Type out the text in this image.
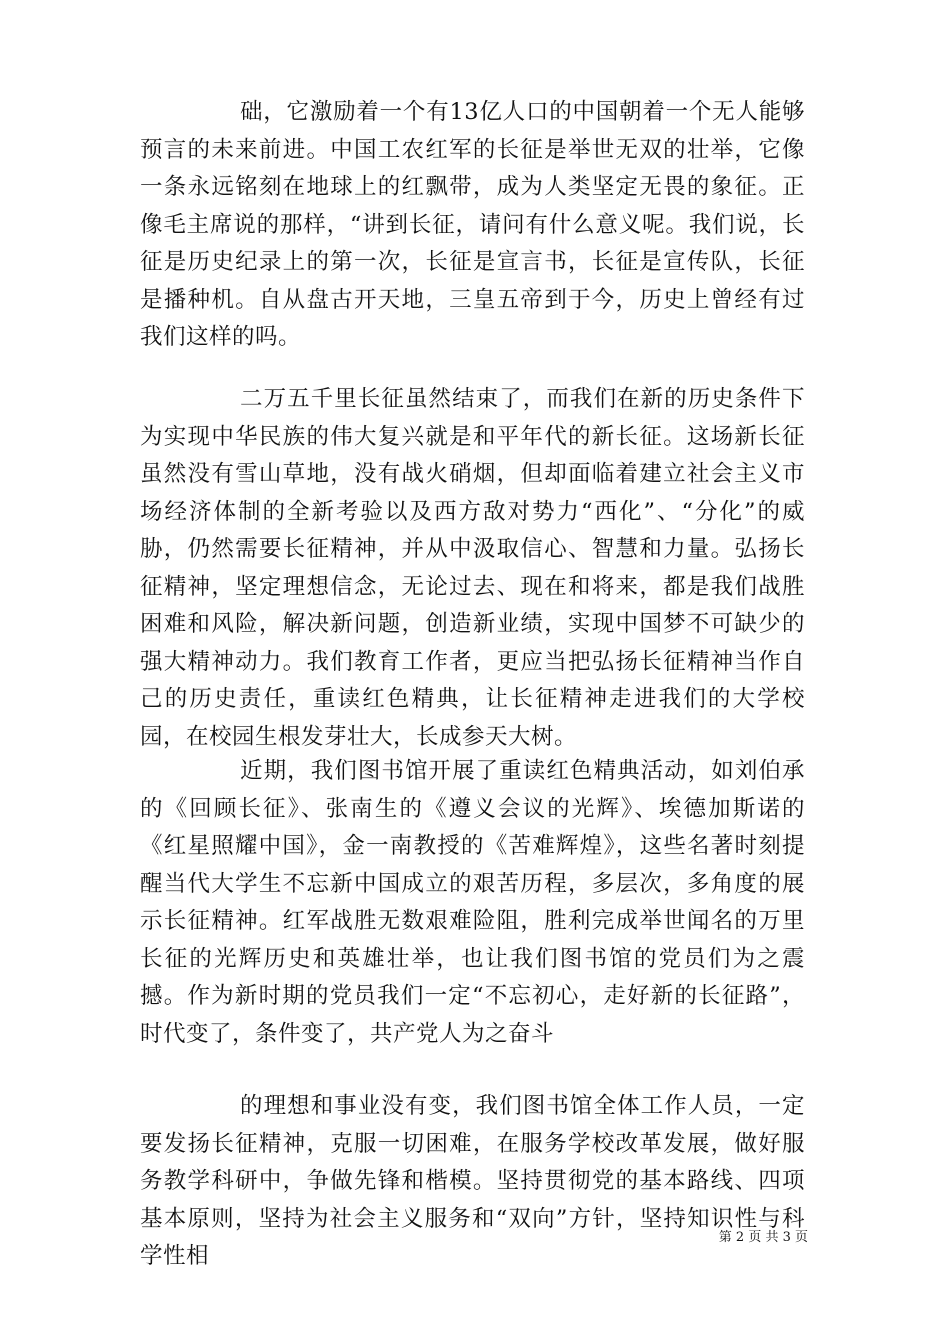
础，它激励着一个有13亿人口的中国朝着一个无人能够预言的未来前进。中国工农红军的长征是举世无双的壮举，它像一条永远铭刻在地球上的红飘带，成为人类坚定无畏的象征。正像毛主席说的那样，“讲到长征，请问有什么意义呢。我们说，长征是历史纪录上的第一次，长征是宣言书，长征是宣传队，长征是播种机。自从盘古开天地，三皇五帝到于今，历史上曾经有过我们这样的吗。

二万五千里长征虽然结束了，而我们在新的历史条件下为实现中华民族的伟大复兴就是和平年代的新长征。这场新长征虽然没有雪山草地，没有战火硝烟，但却面临着建立社会主义市场经济体制的全新考验以及西方敌对势力“西化”、“分化”的威胁，仍然需要长征精神，并从中汲取信心、智慧和力量。弘扬长征精神，坚定理想信念，无论过去、现在和将来，都是我们战胜困难和风险，解决新问题，创造新业绩，实现中国梦不可缺少的强大精神动力。我们教育工作者，更应当把弘扬长征精神当作自己的历史责任，重读红色精典，让长征精神走进我们的大学校园，在校园生根发芽壮大，长成参天大树。

近期，我们图书馆开展了重读红色精典活动，如刘伯承的《回顾长征》、张南生的《遵义会议的光辉》、埃德加斯诺的《红星照耀中国》，金一南教授的《苦难辉煌》，这些名著时刻提醒当代大学生不忘新中国成立的艰苦历程，多层次，多角度的展示长征精神。红军战胜无数艰难险阻，胜利完成举世闻名的万里长征的光辉历史和英雄壮举，也让我们图书馆的党员们为之震撼。作为新时期的党员我们一定“不忘初心，走好新的长征路”，时代变了，条件变了，共产党人为之奋斗

的理想和事业没有变，我们图书馆全体工作人员，一定要发扬长征精神，克服一切困难，在服务学校改革发展，做好服务教学科研中，争做先锋和楷模。坚持贯彻党的基本路线、四项基本原则，坚持为社会主义服务和“双向”方针，坚持知识性与科学性相

第 2 页 共 3 页
